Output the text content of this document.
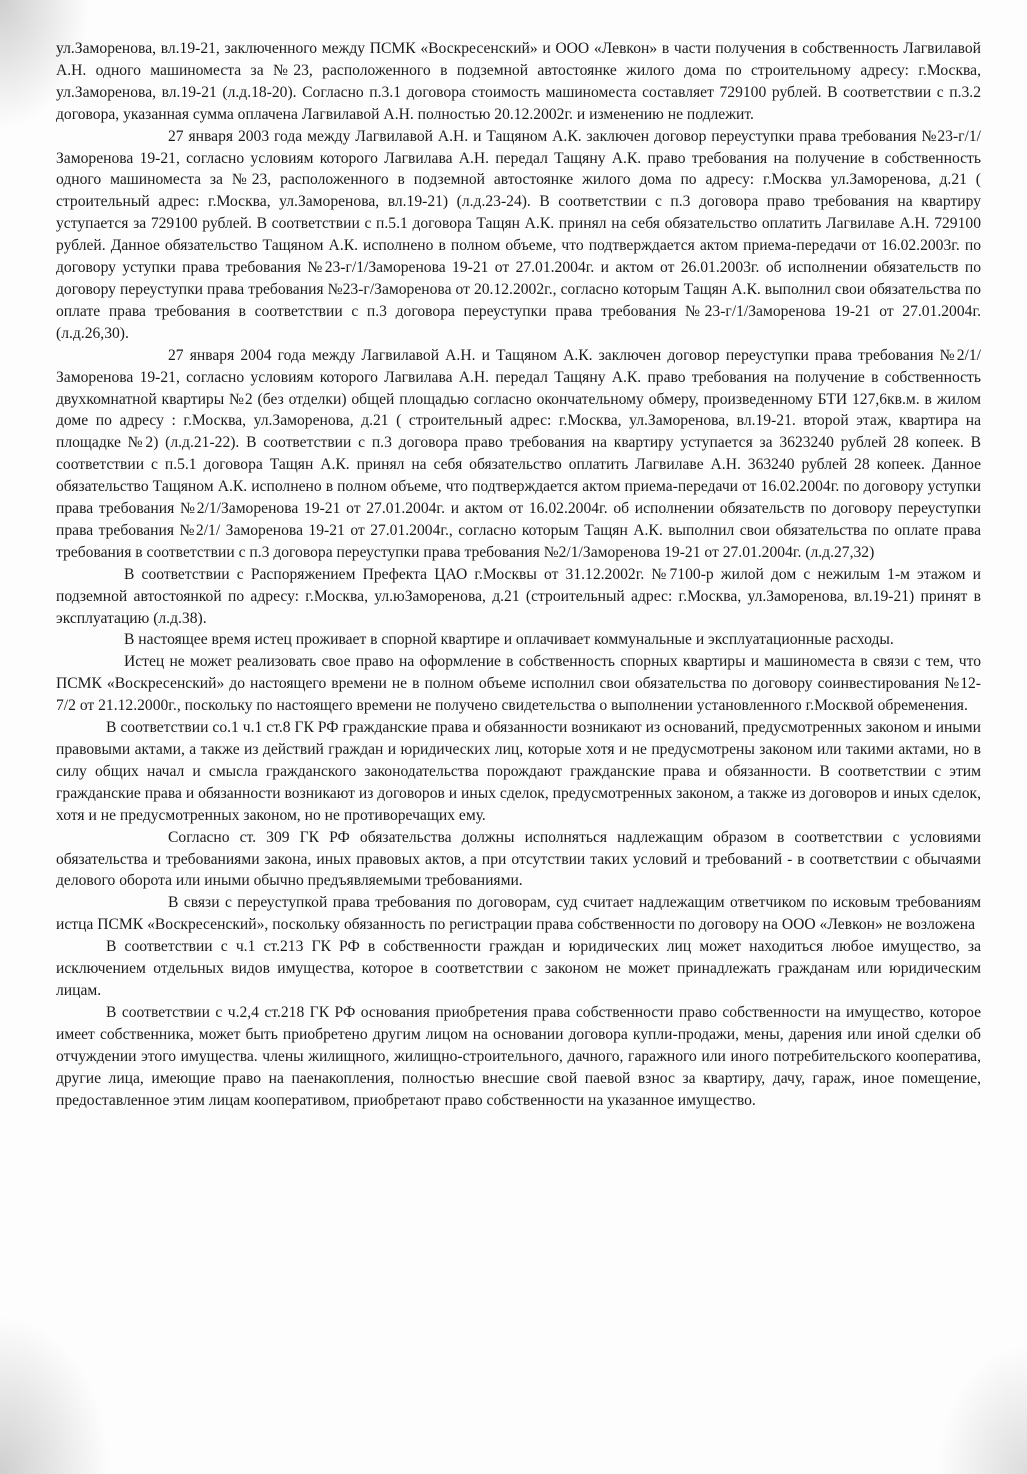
ул.Заморенова, вл.19-21, заключенного между ПСМК «Воскресенский» и ООО «Левкон» в части получения в собственность Лагвилавой А.Н. одного машиноместа за №23, расположенного в подземной автостоянке жилого дома по строительному адресу: г.Москва, ул.Заморенова, вл.19-21 (л.д.18-20). Согласно п.3.1 договора стоимость машиноместа составляет 729100 рублей. В соответствии с п.3.2 договора, указанная сумма оплачена Лагвилавой А.Н. полностью 20.12.2002г. и изменению не подлежит.

27 января 2003 года между Лагвилавой А.Н. и Тащяном А.К. заключен договор переуступки права требования №23-г/1/Заморенова 19-21, согласно условиям которого Лагвилава А.Н. передал Тащяну А.К. право требования на получение в собственность одного машиноместа за №23, расположенного в подземной автостоянке жилого дома по адресу: г.Москва ул.Заморенова, д.21 ( строительный адрес: г.Москва, ул.Заморенова, вл.19-21) (л.д.23-24). В соответствии с п.3 договора право требования на квартиру уступается за 729100 рублей. В соответствии с п.5.1 договора Тащян А.К. принял на себя обязательство оплатить Лагвилаве А.Н. 729100 рублей. Данное обязательство Тащяном А.К. исполнено в полном объеме, что подтверждается актом приема-передачи от 16.02.2003г. по договору уступки права требования №23-г/1/Заморенова 19-21 от 27.01.2004г. и актом от 26.01.2003г. об исполнении обязательств по договору переуступки права требования №23-г/Заморенова от 20.12.2002г., согласно которым Тащян А.К. выполнил свои обязательства по оплате права требования в соответствии с п.3 договора переуступки права требования №23-г/1/Заморенова 19-21 от 27.01.2004г. (л.д.26,30).

27 января 2004 года между Лагвилавой А.Н. и Тащяном А.К. заключен договор переуступки права требования №2/1/Заморенова 19-21, согласно условиям которого Лагвилава А.Н. передал Тащяну А.К. право требования на получение в собственность двухкомнатной квартиры №2 (без отделки) общей площадью согласно окончательному обмеру, произведенному БТИ 127,6кв.м. в жилом доме по адресу : г.Москва, ул.Заморенова, д.21 ( строительный адрес: г.Москва, ул.Заморенова, вл.19-21. второй этаж, квартира на площадке №2) (л.д.21-22). В соответствии с п.3 договора право требования на квартиру уступается за 3623240 рублей 28 копеек. В соответствии с п.5.1 договора Тащян А.К. принял на себя обязательство оплатить Лагвилаве А.Н. 363240 рублей 28 копеек. Данное обязательство Тащяном А.К. исполнено в полном объеме, что подтверждается актом приема-передачи от 16.02.2004г. по договору уступки права требования №2/1/Заморенова 19-21 от 27.01.2004г. и актом от 16.02.2004г. об исполнении обязательств по договору переуступки права требования №2/1/ Заморенова 19-21 от 27.01.2004г., согласно которым Тащян А.К. выполнил свои обязательства по оплате права требования в соответствии с п.3 договора переуступки права требования №2/1/Заморенова 19-21 от 27.01.2004г. (л.д.27,32)

В соответствии с Распоряжением Префекта ЦАО г.Москвы от 31.12.2002г. №7100-р жилой дом с нежилым 1-м этажом и подземной автостоянкой по адресу: г.Москва, ул.юЗаморенова, д.21 (строительный адрес: г.Москва, ул.Заморенова, вл.19-21) принят в эксплуатацию (л.д.38).

В настоящее время истец проживает в спорной квартире и оплачивает коммунальные и эксплуатационные расходы.

Истец не может реализовать свое право на оформление в собственность спорных квартиры и машиноместа в связи с тем, что ПСМК «Воскресенский» до настоящего времени не в полном объеме исполнил свои обязательства по договору соинвестирования №12-7/2 от 21.12.2000г., поскольку по настоящего времени не получено свидетельства о выполнении установленного г.Москвой обременения.

В соответствии со.1 ч.1 ст.8 ГК РФ гражданские права и обязанности возникают из оснований, предусмотренных законом и иными правовыми актами, а также из действий граждан и юридических лиц, которые хотя и не предусмотрены законом или такими актами, но в силу общих начал и смысла гражданского законодательства порождают гражданские права и обязанности. В соответствии с этим гражданские права и обязанности возникают из договоров и иных сделок, предусмотренных законом, а также из договоров и иных сделок, хотя и не предусмотренных законом, но не противоречащих ему.

Согласно ст. 309 ГК РФ обязательства должны исполняться надлежащим образом в соответствии с условиями обязательства и требованиями закона, иных правовых актов, а при отсутствии таких условий и требований - в соответствии с обычаями делового оборота или иными обычно предъявляемыми требованиями.

В связи с переуступкой права требования по договорам, суд считает надлежащим ответчиком по исковым требованиям истца ПСМК «Воскресенский», поскольку обязанность по регистрации права собственности по договору на ООО «Левкон» не возложена

В соответствии с ч.1 ст.213 ГК РФ в собственности граждан и юридических лиц может находиться любое имущество, за исключением отдельных видов имущества, которое в соответствии с законом не может принадлежать гражданам или юридическим лицам.

В соответствии с ч.2,4 ст.218 ГК РФ основания приобретения права собственности право собственности на имущество, которое имеет собственника, может быть приобретено другим лицом на основании договора купли-продажи, мены, дарения или иной сделки об отчуждении этого имущества. члены жилищного, жилищно-строительного, дачного, гаражного или иного потребительского кооператива, другие лица, имеющие право на паенакопления, полностью внесшие свой паевой взнос за квартиру, дачу, гараж, иное помещение, предоставленное этим лицам кооперативом, приобретают право собственности на указанное имущество.
